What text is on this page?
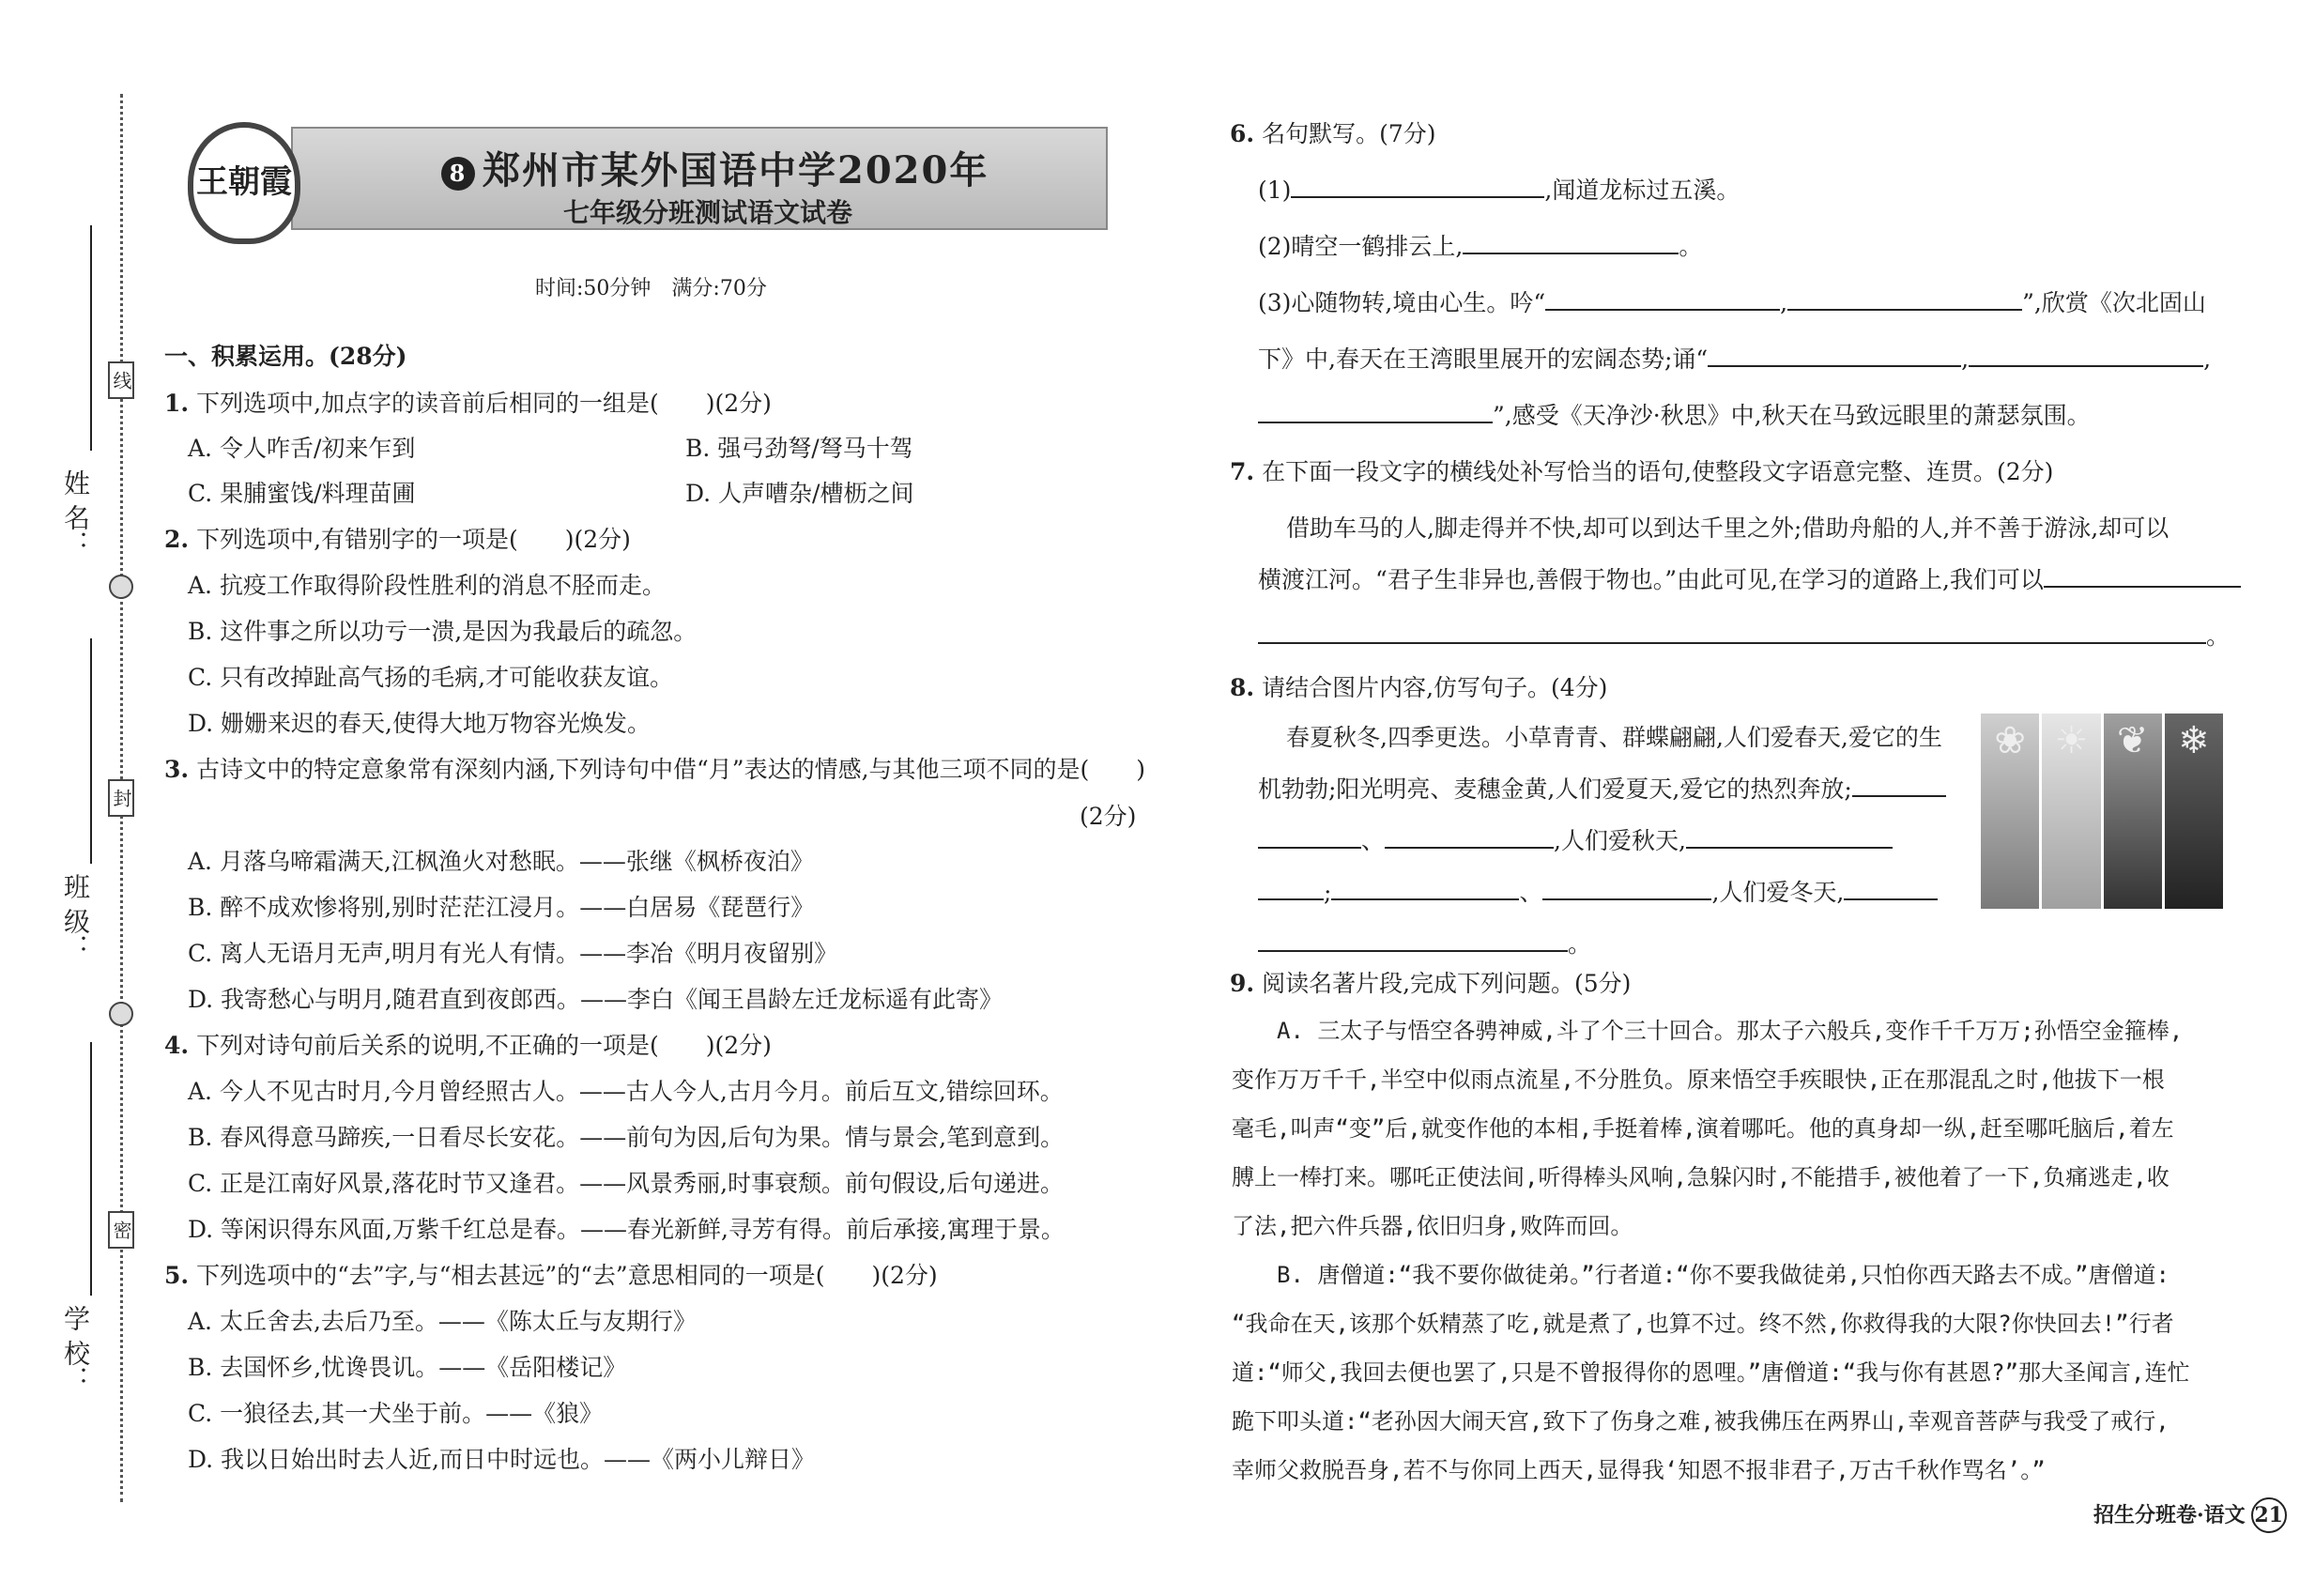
姓 名：
班 级：
学 校：
线
封
密
王朝霞	8 郑州市某外国语中学2020年
七年级分班测试语文试卷
时间:50分钟　满分:70分
一、积累运用。(28分)
1. 下列选项中,加点字的读音前后相同的一组是(　　)(2分)
A. 令人咋舌/初来乍到	B. 强弓劲弩/弩马十驾
C. 果脯蜜饯/料理苗圃	D. 人声嘈杂/槽枥之间
2. 下列选项中,有错别字的一项是(　　)(2分)
A. 抗疫工作取得阶段性胜利的消息不胫而走。
B. 这件事之所以功亏一溃,是因为我最后的疏忽。
C. 只有改掉趾高气扬的毛病,才可能收获友谊。
D. 姗姗来迟的春天,使得大地万物容光焕发。
3. 古诗文中的特定意象常有深刻内涵,下列诗句中借“月”表达的情感,与其他三项不同的是(　　)
(2分)
A. 月落乌啼霜满天,江枫渔火对愁眠。——张继《枫桥夜泊》
B. 醉不成欢惨将别,别时茫茫江浸月。——白居易《琵琶行》
C. 离人无语月无声,明月有光人有情。——李冶《明月夜留别》
D. 我寄愁心与明月,随君直到夜郎西。——李白《闻王昌龄左迁龙标遥有此寄》
4. 下列对诗句前后关系的说明,不正确的一项是(　　)(2分)
A. 今人不见古时月,今月曾经照古人。——古人今人,古月今月。前后互文,错综回环。
B. 春风得意马蹄疾,一日看尽长安花。——前句为因,后句为果。情与景会,笔到意到。
C. 正是江南好风景,落花时节又逢君。——风景秀丽,时事衰颓。前句假设,后句递进。
D. 等闲识得东风面,万紫千红总是春。——春光新鲜,寻芳有得。前后承接,寓理于景。
5. 下列选项中的“去”字,与“相去甚远”的“去”意思相同的一项是(　　)(2分)
A. 太丘舍去,去后乃至。——《陈太丘与友期行》
B. 去国怀乡,忧谗畏讥。——《岳阳楼记》
C. 一狼径去,其一犬坐于前。——《狼》
D. 我以日始出时去人近,而日中时远也。——《两小儿辩日》
6. 名句默写。(7分)
(1)	,闻道龙标过五溪。
(2)晴空一鹤排云上,	。
(3)心随物转,境由心生。吟“	,	”,欣赏《次北固山
下》中,春天在王湾眼里展开的宏阔态势;诵“	,	,
”,感受《天净沙·秋思》中,秋天在马致远眼里的萧瑟氛围。
7. 在下面一段文字的横线处补写恰当的语句,使整段文字语意完整、连贯。(2分)
借助车马的人,脚走得并不快,却可以到达千里之外;借助舟船的人,并不善于游泳,却可以
横渡江河。“君子生非异也,善假于物也。”由此可见,在学习的道路上,我们可以
。
8. 请结合图片内容,仿写句子。(4分)
春夏秋冬,四季更迭。小草青青、群蝶翩翩,人们爱春天,爱它的生
机勃勃;阳光明亮、麦穗金黄,人们爱夏天,爱它的热烈奔放;
、	,人们爱秋天,
;	、	,人们爱冬天,
。
❀ ☀ ❦ ❄
9. 阅读名著片段,完成下列问题。(5分)
A. 三太子与悟空各骋神威,斗了个三十回合。那太子六般兵,变作千千万万;孙悟空金箍棒,
变作万万千千,半空中似雨点流星,不分胜负。原来悟空手疾眼快,正在那混乱之时,他拔下一根
毫毛,叫声“变”后,就变作他的本相,手挺着棒,演着哪吒。他的真身却一纵,赶至哪吒脑后,着左
膊上一棒打来。哪吒正使法间,听得棒头风响,急躲闪时,不能措手,被他着了一下,负痛逃走,收
了法,把六件兵器,依旧归身,败阵而回。
B. 唐僧道:“我不要你做徒弟。”行者道:“你不要我做徒弟,只怕你西天路去不成。”唐僧道:
“我命在天,该那个妖精蒸了吃,就是煮了,也算不过。终不然,你救得我的大限?你快回去!”行者
道:“师父,我回去便也罢了,只是不曾报得你的恩哩。”唐僧道:“我与你有甚恩?”那大圣闻言,连忙
跪下叩头道:“老孙因大闹天宫,致下了伤身之难,被我佛压在两界山,幸观音菩萨与我受了戒行,
幸师父救脱吾身,若不与你同上西天,显得我‘知恩不报非君子,万古千秋作骂名’。”
招生分班卷·语文 21
